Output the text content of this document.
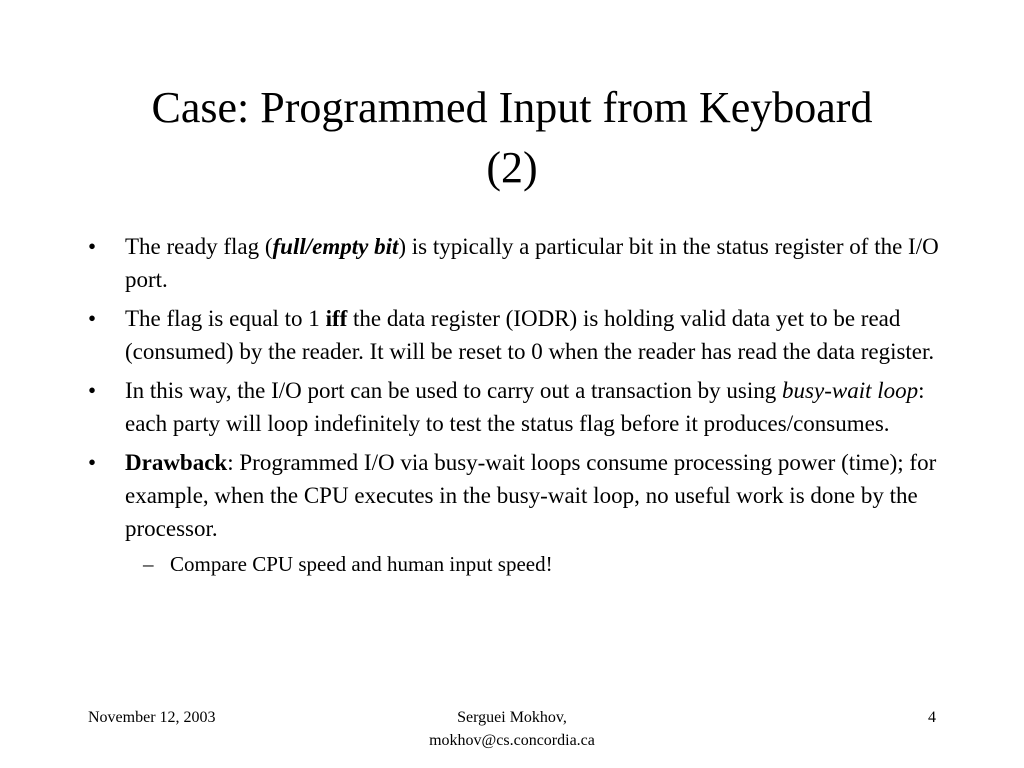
Case: Programmed Input from Keyboard
(2)
• The ready flag (full/empty bit) is typically a particular bit in the status register of the I/O port.
• The flag is equal to 1 iff the data register (IODR) is holding valid data yet to be read (consumed) by the reader. It will be reset to 0 when the reader has read the data register.
• In this way, the I/O port can be used to carry out a transaction by using busy-wait loop: each party will loop indefinitely to test the status flag before it produces/consumes.
• Drawback: Programmed I/O via busy-wait loops consume processing power (time); for example, when the CPU executes in the busy-wait loop, no useful work is done by the processor.
– Compare CPU speed and human input speed!
November 12, 2003	Serguei Mokhov,
mokhov@cs.concordia.ca
4
